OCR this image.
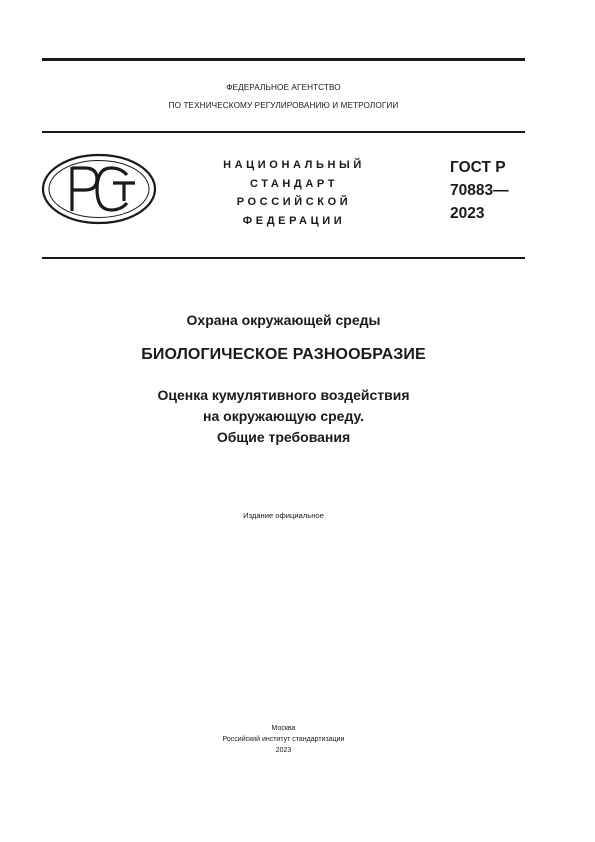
ФЕДЕРАЛЬНОЕ АГЕНТСТВО
ПО ТЕХНИЧЕСКОМУ РЕГУЛИРОВАНИЮ И МЕТРОЛОГИИ
НАЦИОНАЛЬНЫЙ
СТАНДАРТ
РОССИЙСКОЙ
ФЕДЕРАЦИИ
ГОСТ Р
70883—
2023
Охрана окружающей среды
БИОЛОГИЧЕСКОЕ РАЗНООБРАЗИЕ
Оценка кумулятивного воздействия
на окружающую среду.
Общие требования
Издание официальное
Москва
Российский институт стандартизации
2023
